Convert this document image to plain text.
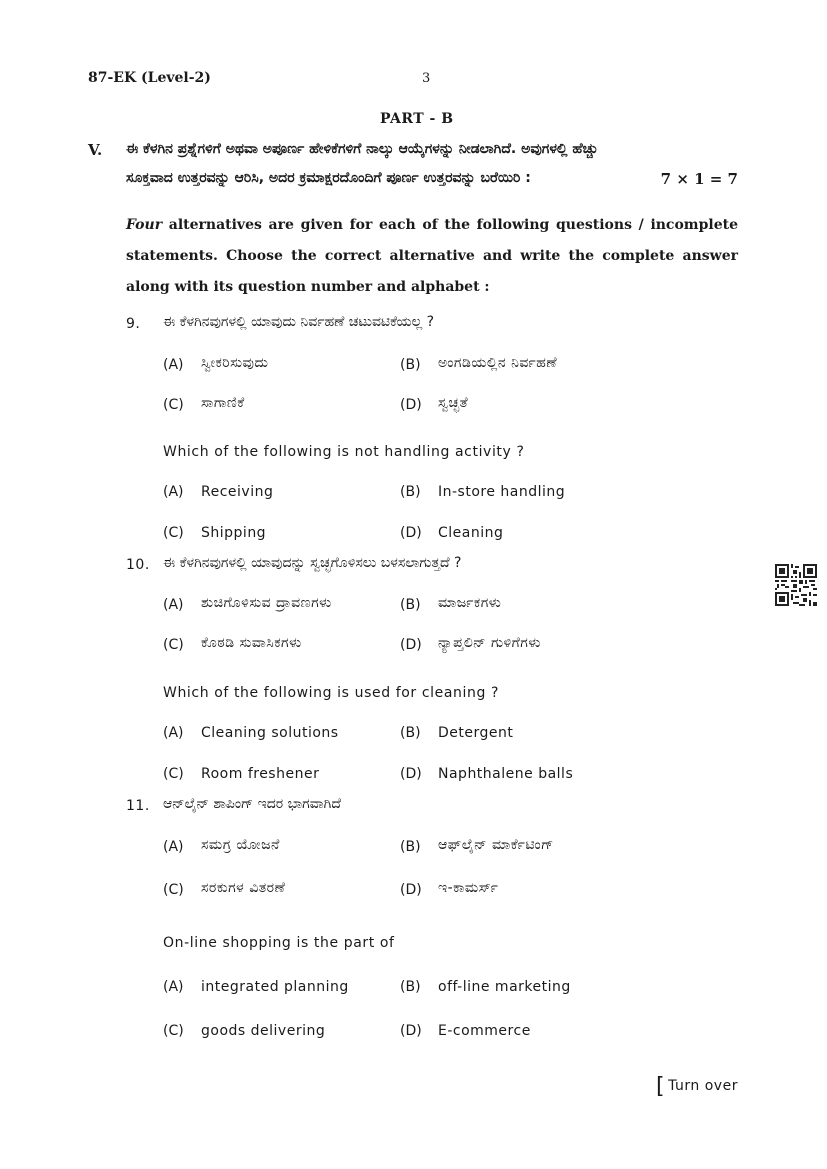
87-EK (Level-2)	3
PART - B
V. ಈ ಕೆಳಗಿನ ಪ್ರಶ್ನೆಗಳಿಗೆ ಅಥವಾ ಅಪೂರ್ಣ ಹೇಳಿಕೆಗಳಿಗೆ ನಾಲ್ಕು ಆಯ್ಕೆಗಳನ್ನು ನೀಡಲಾಗಿದೆ. ಅವುಗಳಲ್ಲಿ ಹೆಚ್ಚು
ಸೂಕ್ತವಾದ ಉತ್ತರವನ್ನು ಆರಿಸಿ, ಅದರ ಕ್ರಮಾಕ್ಷರದೊಂದಿಗೆ ಪೂರ್ಣ ಉತ್ತರವನ್ನು ಬರೆಯಿರಿ :	7 × 1 = 7
Four alternatives are given for each of the following questions / incomplete
statements. Choose the correct alternative and write the complete answer
along with its question number and alphabet :
9. ಈ ಕೆಳಗಿನವುಗಳಲ್ಲಿ ಯಾವುದು ನಿರ್ವಹಣೆ ಚಟುವಟಿಕೆಯಲ್ಲ ?
(A) ಸ್ವೀಕರಿಸುವುದು	(B) ಅಂಗಡಿಯಲ್ಲಿನ ನಿರ್ವಹಣೆ
(C) ಸಾಗಾಣಿಕೆ	(D) ಸ್ವಚ್ಛತೆ
Which of the following is not handling activity ?
(A) Receiving	(B) In-store handling
(C) Shipping	(D) Cleaning
10. ಈ ಕೆಳಗಿನವುಗಳಲ್ಲಿ ಯಾವುದನ್ನು ಸ್ವಚ್ಛಗೊಳಿಸಲು ಬಳಸಲಾಗುತ್ತದೆ ?
(A) ಶುಚಿಗೊಳಿಸುವ ದ್ರಾವಣಗಳು	(B) ಮಾರ್ಜಕಗಳು
(C) ಕೊಠಡಿ ಸುವಾಸಿಕಗಳು	(D) ನ್ಯಾಪ್ತಲಿನ್ ಗುಳಿಗೆಗಳು
Which of the following is used for cleaning ?
(A) Cleaning solutions	(B) Detergent
(C) Room freshener	(D) Naphthalene balls
11. ಆನ್‌ಲೈನ್ ಶಾಪಿಂಗ್ ಇದರ ಭಾಗವಾಗಿದೆ
(A) ಸಮಗ್ರ ಯೋಜನೆ	(B) ಆಫ್‌ಲೈನ್ ಮಾರ್ಕೆಟಿಂಗ್
(C) ಸರಕುಗಳ ವಿತರಣೆ	(D) ಇ-ಕಾಮರ್ಸ್
On-line shopping is the part of
(A) integrated planning	(B) off-line marketing
(C) goods delivering	(D) E-commerce
[ Turn over
